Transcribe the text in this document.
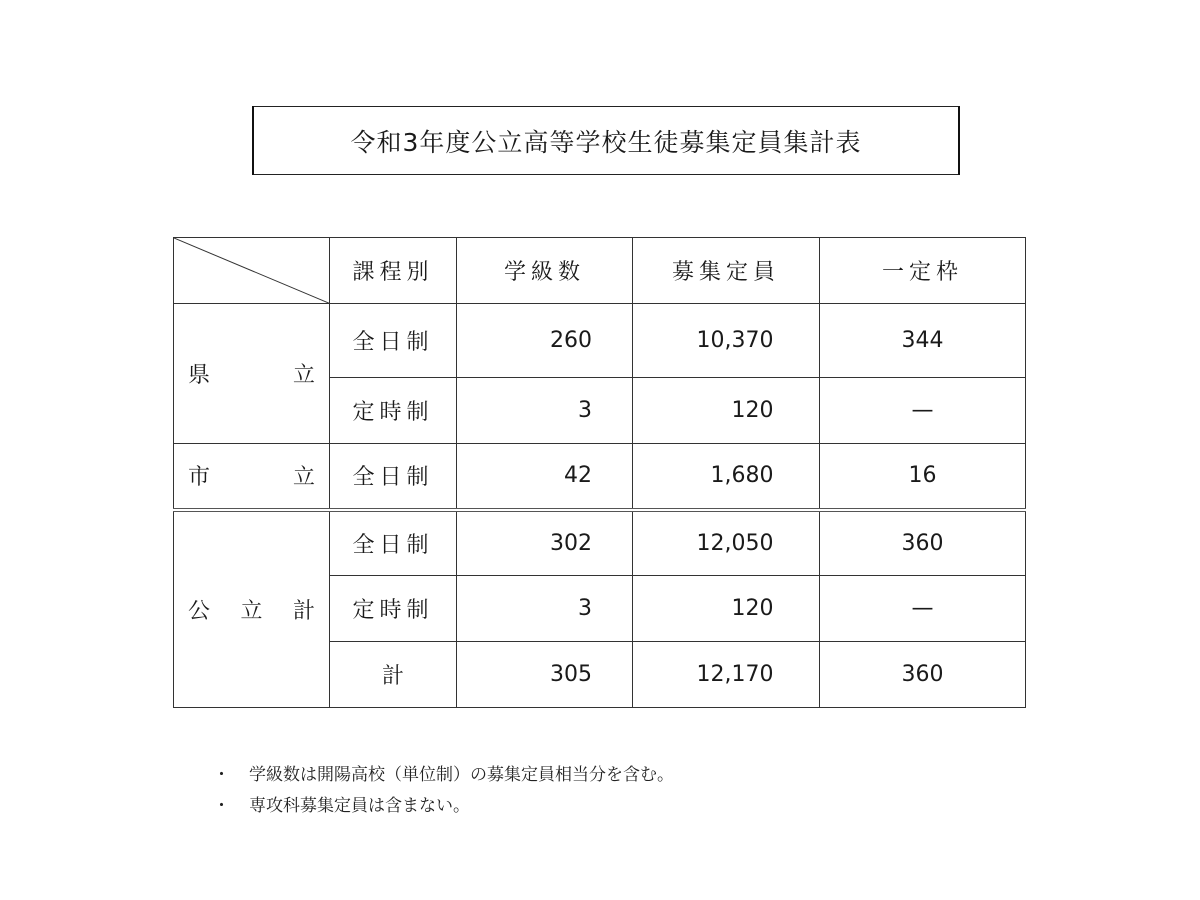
令和3年度公立高等学校生徒募集定員集計表
	課程別	学級数	募集定員	一定枠

県 立	全日制	260	10,370	344
	定時制	3	120	—

市 立	全日制	42	1,680	16

公 立 計	全日制	302	12,050	360
	定時制	3	120	—
	計	305	12,170	360
・	学級数は開陽高校（単位制）の募集定員相当分を含む。
・	専攻科募集定員は含まない。
